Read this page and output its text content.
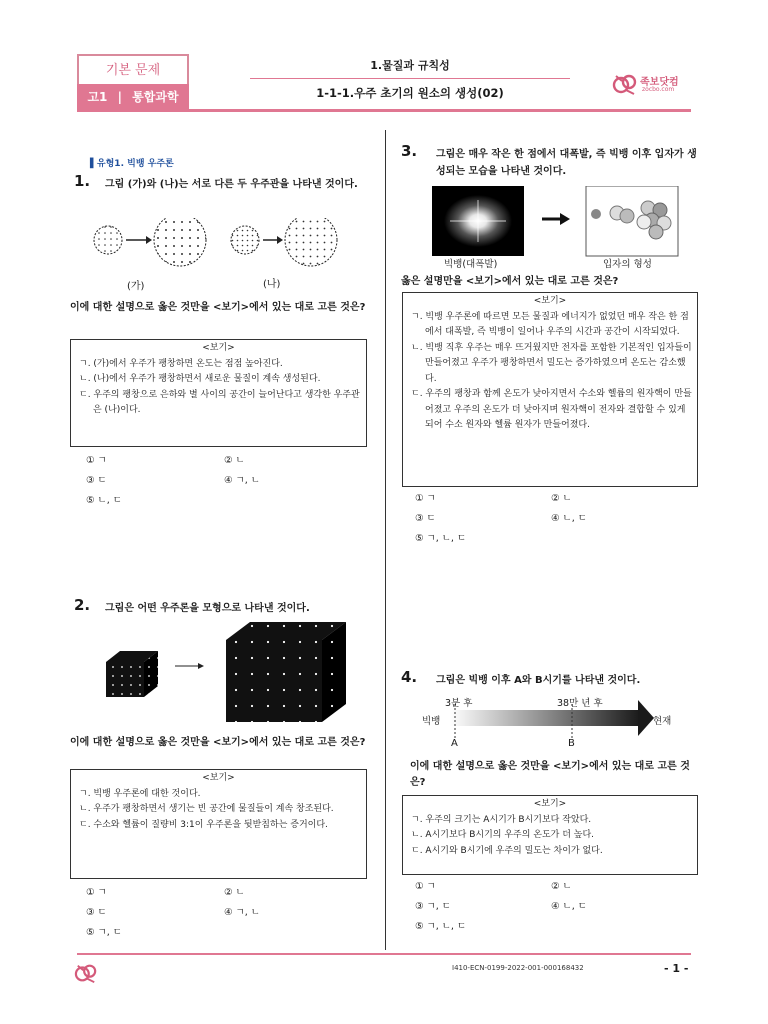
기본 문제
고1 | 통합과학
1.물질과 규칙성
1-1-1.우주 초기의 원소의 생성(02)
족보닷컴
zocbo.com
▌유형1. 빅뱅 우주론
1. 그림 (가)와 (나)는 서로 다른 두 우주관을 나타낸 것이다.
(가)	(나)
이에 대한 설명으로 옳은 것만을 <보기>에서 있는 대로 고른 것은?
<보기>
ㄱ. (가)에서 우주가 팽창하면 온도는 점점 높아진다.
ㄴ. (나)에서 우주가 팽창하면서 새로운 물질이 계속 생성된다.
ㄷ. 우주의 팽창으로 은하와 별 사이의 공간이 늘어난다고 생각한 우주관은 (나)이다.
① ㄱ	② ㄴ
③ ㄷ	④ ㄱ, ㄴ
⑤ ㄴ, ㄷ
2. 그림은 어떤 우주론을 모형으로 나타낸 것이다.
이에 대한 설명으로 옳은 것만을 <보기>에서 있는 대로 고른 것은?
<보기>
ㄱ. 빅뱅 우주론에 대한 것이다.
ㄴ. 우주가 팽창하면서 생기는 빈 공간에 물질들이 계속 창조된다.
ㄷ. 수소와 헬륨이 질량비 3:1이 우주론을 뒷받침하는 증거이다.
① ㄱ	② ㄴ
③ ㄷ	④ ㄱ, ㄴ
⑤ ㄱ, ㄷ
3.	그림은 매우 작은 한 점에서 대폭발, 즉 빅뱅 이후 입자가 생성되는 모습을 나타낸 것이다.
빅뱅(대폭발)	입자의 형성
옳은 설명만을 <보기>에서 있는 대로 고른 것은?
<보기>
ㄱ. 빅뱅 우주론에 따르면 모든 물질과 에너지가 없었던 매우 작은 한 점에서 대폭발, 즉 빅뱅이 일어나 우주의 시간과 공간이 시작되었다.
ㄴ. 빅뱅 직후 우주는 매우 뜨거웠지만 전자를 포함한 기본적인 입자들이 만들어졌고 우주가 팽창하면서 밀도는 증가하였으며 온도는 감소했다.
ㄷ. 우주의 팽창과 함께 온도가 낮아지면서 수소와 헬륨의 원자핵이 만들어졌고 우주의 온도가 더 낮아지며 원자핵이 전자와 결합할 수 있게 되어 수소 원자와 헬륨 원자가 만들어졌다.
① ㄱ	② ㄴ
③ ㄷ	④ ㄴ, ㄷ
⑤ ㄱ, ㄴ, ㄷ
4. 그림은 빅뱅 이후 A와 B시기를 나타낸 것이다.
3분 후	38만 년 후
빅뱅	현재
A	B
이에 대한 설명으로 옳은 것만을 <보기>에서 있는 대로 고른 것은?
<보기>
ㄱ. 우주의 크기는 A시기가 B시기보다 작았다.
ㄴ. A시기보다 B시기의 우주의 온도가 더 높다.
ㄷ. A시기와 B시기에 우주의 밀도는 차이가 없다.
① ㄱ	② ㄴ
③ ㄱ, ㄷ	④ ㄴ, ㄷ
⑤ ㄱ, ㄴ, ㄷ
I410-ECN-0199-2022-001-000168432	- 1 -
